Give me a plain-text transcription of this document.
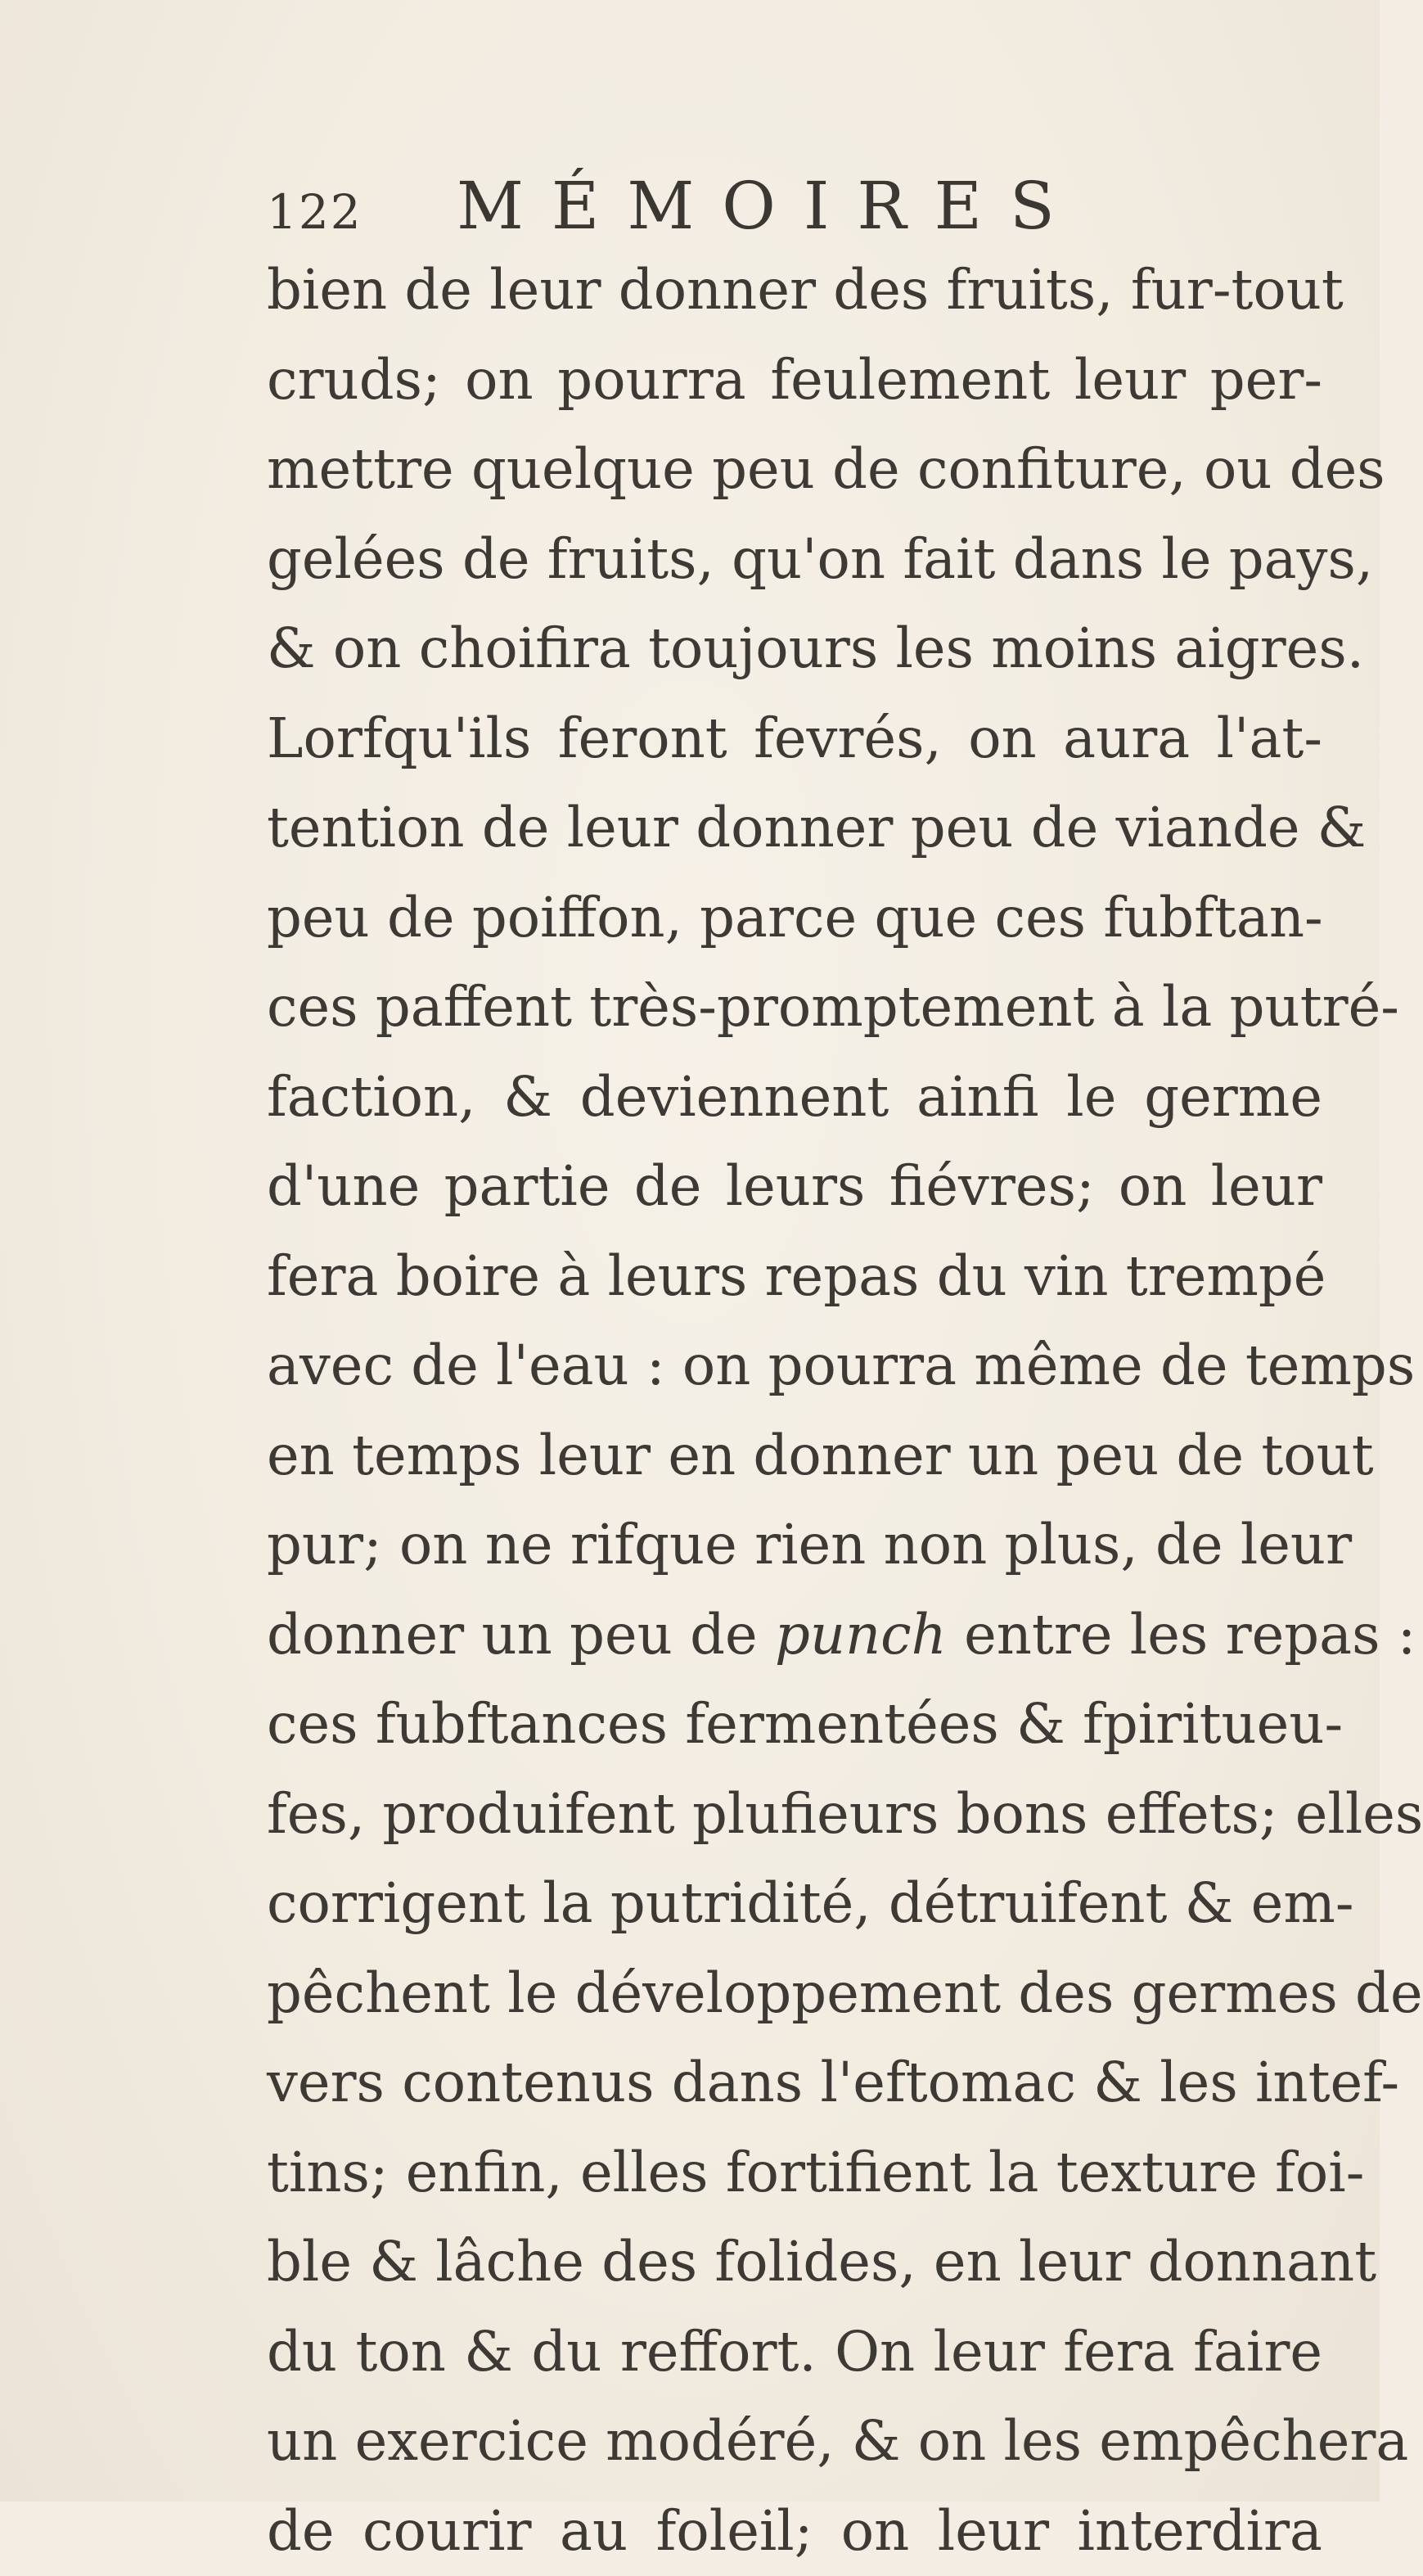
122 MÉMOIRES
bien de leur donner des fruits, fur-tout
cruds; on pourra feulement leur per-
mettre quelque peu de confiture, ou des
gelées de fruits, qu'on fait dans le pays,
& on choifira toujours les moins aigres.
Lorfqu'ils feront fevrés, on aura l'at-
tention de leur donner peu de viande &
peu de poiffon, parce que ces fubftan-
ces paffent très-promptement à la putré-
faction, & deviennent ainfi le germe
d'une partie de leurs fiévres; on leur
fera boire à leurs repas du vin trempé
avec de l'eau : on pourra même de temps
en temps leur en donner un peu de tout
pur; on ne rifque rien non plus, de leur
donner un peu de punch entre les repas :
ces fubftances fermentées & fpiritueu-
fes, produifent plufieurs bons effets; elles
corrigent la putridité, détruifent & em-
pêchent le développement des germes de
vers contenus dans l'eftomac & les intef-
tins; enfin, elles fortifient la texture foi-
ble & lâche des folides, en leur donnant
du ton & du reffort. On leur fera faire
un exercice modéré, & on les empêchera
de courir au foleil; on leur interdira
